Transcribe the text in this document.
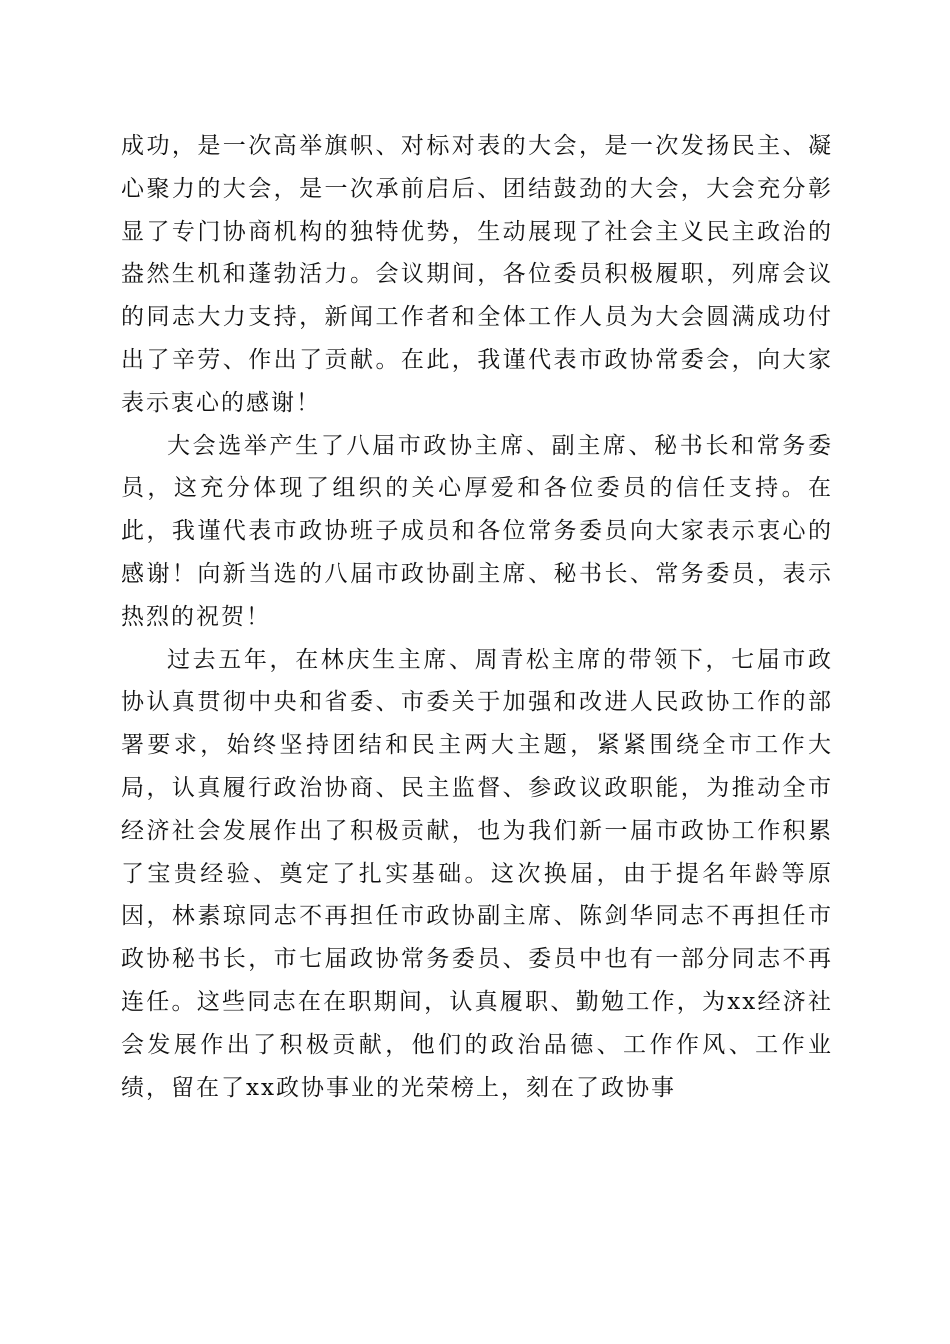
成功，是一次高举旗帜、对标对表的大会，是一次发扬民主、凝心聚力的大会，是一次承前启后、团结鼓劲的大会，大会充分彰显了专门协商机构的独特优势，生动展现了社会主义民主政治的盎然生机和蓬勃活力。会议期间，各位委员积极履职，列席会议的同志大力支持，新闻工作者和全体工作人员为大会圆满成功付出了辛劳、作出了贡献。在此，我谨代表市政协常委会，向大家表示衷心的感谢！

大会选举产生了八届市政协主席、副主席、秘书长和常务委员，这充分体现了组织的关心厚爱和各位委员的信任支持。在此，我谨代表市政协班子成员和各位常务委员向大家表示衷心的感谢！向新当选的八届市政协副主席、秘书长、常务委员，表示热烈的祝贺！

过去五年，在林庆生主席、周青松主席的带领下，七届市政协认真贯彻中央和省委、市委关于加强和改进人民政协工作的部署要求，始终坚持团结和民主两大主题，紧紧围绕全市工作大局，认真履行政治协商、民主监督、参政议政职能，为推动全市经济社会发展作出了积极贡献，也为我们新一届市政协工作积累了宝贵经验、奠定了扎实基础。这次换届，由于提名年龄等原因，林素琼同志不再担任市政协副主席、陈剑华同志不再担任市政协秘书长，市七届政协常务委员、委员中也有一部分同志不再连任。这些同志在在职期间，认真履职、勤勉工作，为xx经济社会发展作出了积极贡献，他们的政治品德、工作作风、工作业绩，留在了xx政协事业的光荣榜上，刻在了政协事
